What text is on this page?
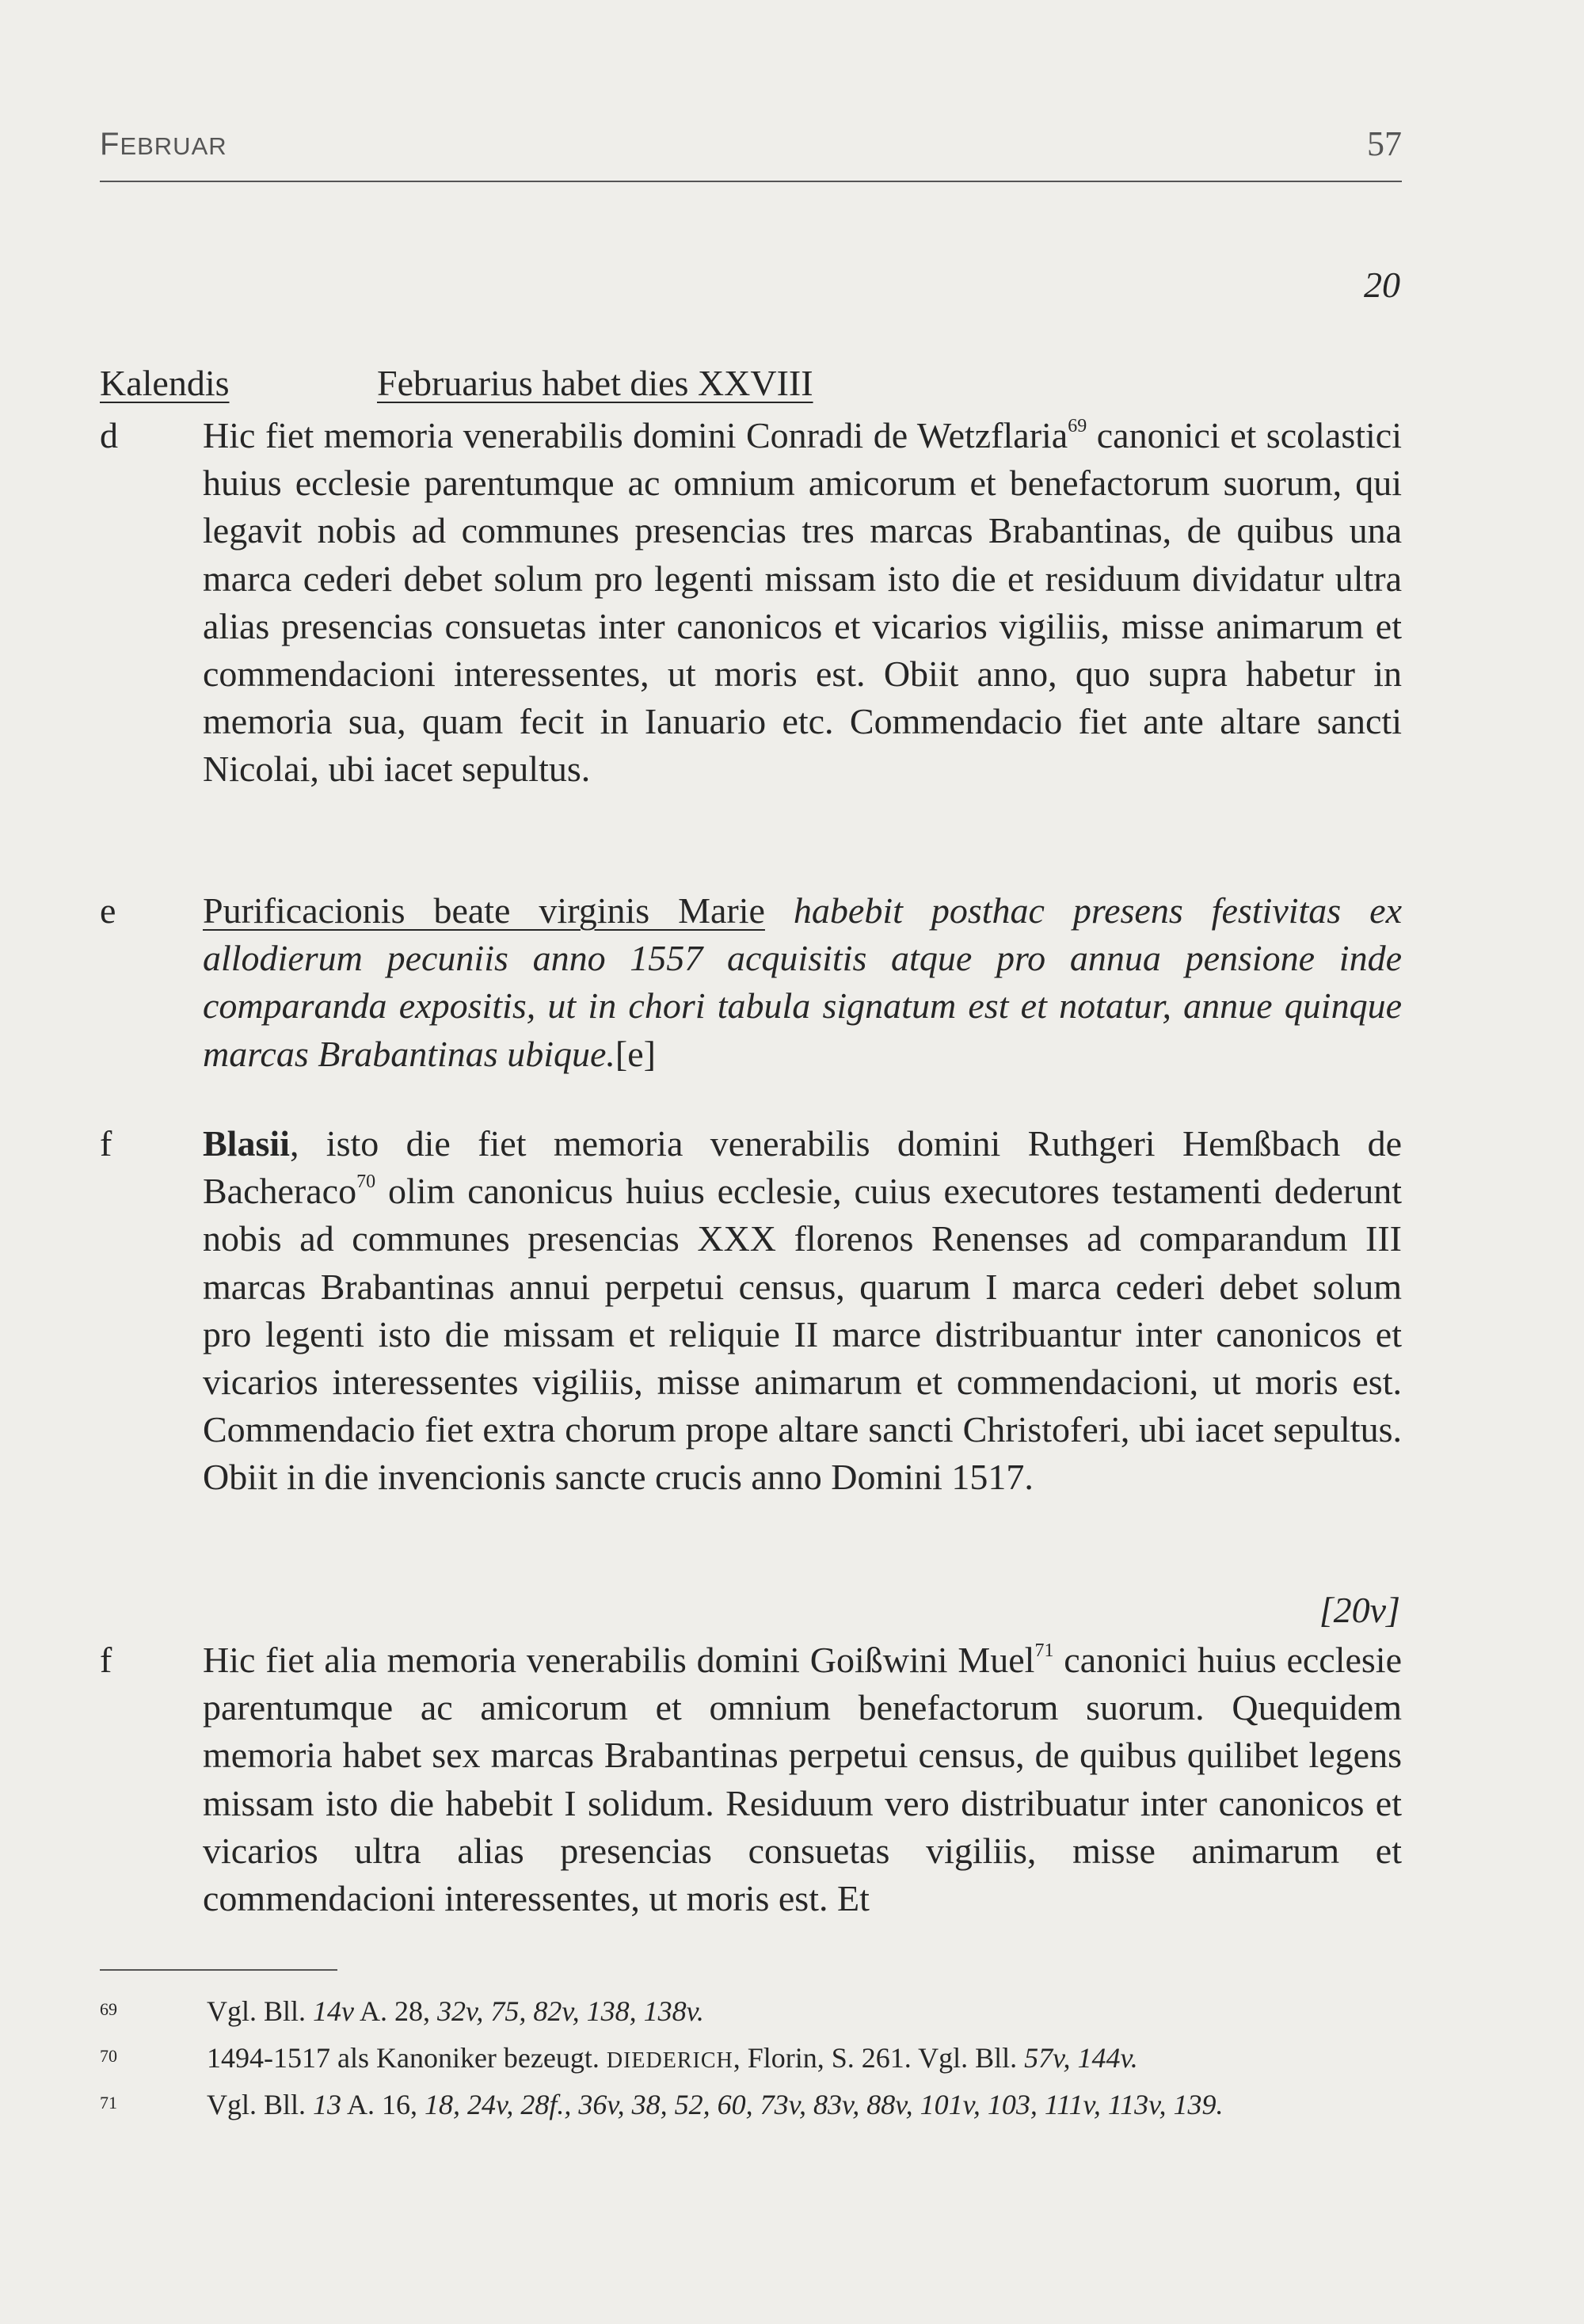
FEBRUAR	57
20
Kalendis	Februarius habet dies XXVIII
d	Hic fiet memoria venerabilis domini Conradi de Wetzflaria$^{69}$ canonici et scolastici huius ecclesie parentumque ac omnium amicorum et benefactorum suorum, qui legavit nobis ad communes presencias tres marcas Brabantinas, de quibus una marca cederi debet solum pro legenti missam isto die et residuum dividatur ultra alias presencias consuetas inter canonicos et vicarios vigiliis, misse animarum et commendacioni interessentes, ut moris est. Obiit anno, quo supra habetur in memoria sua, quam fecit in Ianuario etc. Commendacio fiet ante altare sancti Nicolai, ubi iacet sepultus.
e	Purificacionis beate virginis Marie habebit posthac presens festivitas ex allodierum pecuniis anno 1557 acquisitis atque pro annua pensione inde comparanda expositis, ut in chori tabula signatum est et notatur, annue quinque marcas Brabantinas ubique.[e]
f	Blasii, isto die fiet memoria venerabilis domini Ruthgeri Hemßbach de Bacheraco$^{70}$ olim canonicus huius ecclesie, cuius executores testamenti dederunt nobis ad communes presencias XXX florenos Renenses ad comparandum III marcas Brabantinas annui perpetui census, quarum I marca cederi debet solum pro legenti isto die missam et reliquie II marce distribuantur inter canonicos et vicarios interessentes vigiliis, misse animarum et commendacioni, ut moris est. Commendacio fiet extra chorum prope altare sancti Christoferi, ubi iacet sepultus. Obiit in die invencionis sancte crucis anno Domini 1517.
[20v]
f	Hic fiet alia memoria venerabilis domini Goißwini Muel$^{71}$ canonici huius ecclesie parentumque ac amicorum et omnium benefactorum suorum. Quequidem memoria habet sex marcas Brabantinas perpetui census, de quibus quilibet legens missam isto die habebit I solidum. Residuum vero distribuatur inter canonicos et vicarios ultra alias presencias consuetas vigiliis, misse animarum et commendacioni interessentes, ut moris est. Et
69	Vgl. Bll. 14v A. 28, 32v, 75, 82v, 138, 138v.
70	1494-1517 als Kanoniker bezeugt. DIEDERICH, Florin, S. 261. Vgl. Bll. 57v, 144v.
71	Vgl. Bll. 13 A. 16, 18, 24v, 28f., 36v, 38, 52, 60, 73v, 83v, 88v, 101v, 103, 111v, 113v, 139.
